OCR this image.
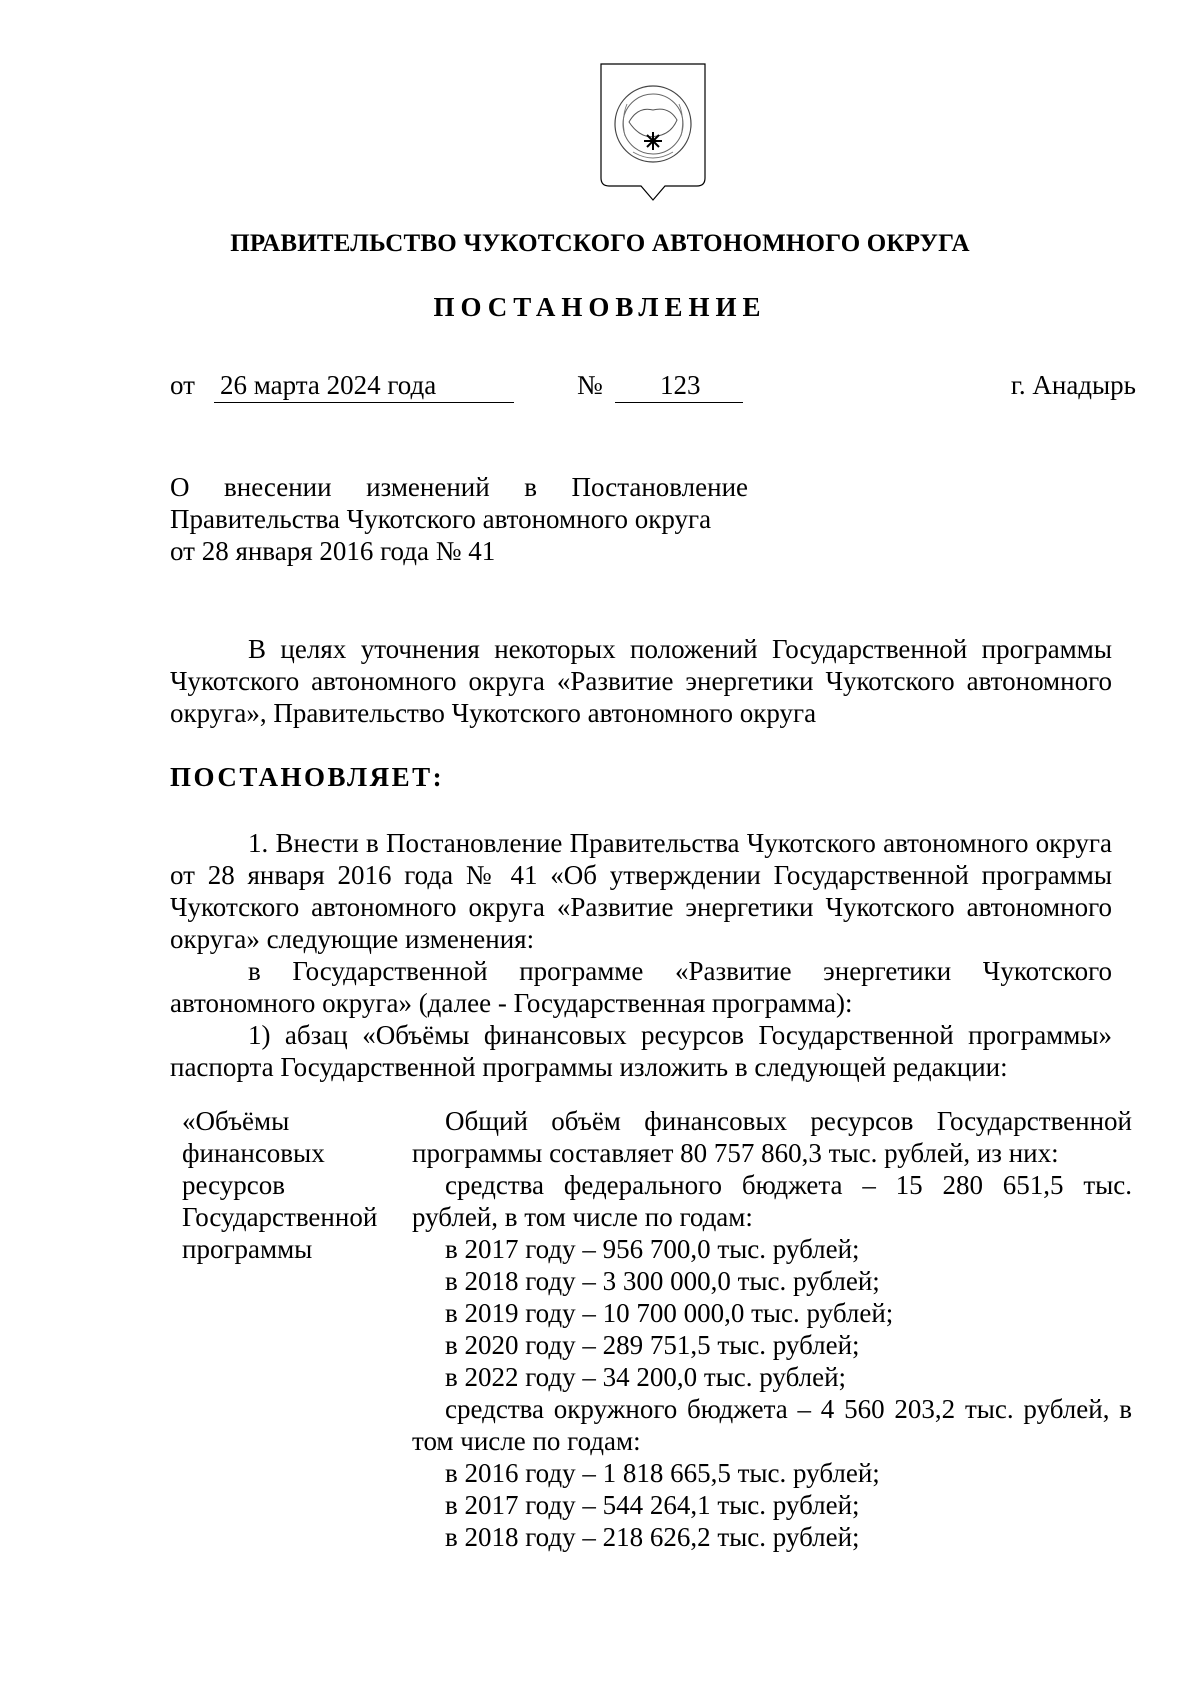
ПРАВИТЕЛЬСТВО ЧУКОТСКОГО АВТОНОМНОГО ОКРУГА
ПОСТАНОВЛЕНИЕ
от 26 марта 2024 года	№ 123	г. Анадырь

О внесении изменений в Постановление

Правительства Чукотского автономного округа

от 28 января 2016 года № 41

В целях уточнения некоторых положений Государственной программы Чукотского автономного округа «Развитие энергетики Чукотского автономного округа», Правительство Чукотского автономного округа
ПОСТАНОВЛЯЕТ:
1. Внести в Постановление Правительства Чукотского автономного округа от 28 января 2016 года № 41 «Об утверждении Государственной программы Чукотского автономного округа «Развитие энергетики Чукотского автономного округа» следующие изменения:
в Государственной программе «Развитие энергетики Чукотского автономного округа» (далее - Государственная программа):
1) абзац «Объёмы финансовых ресурсов Государственной программы» паспорта Государственной программы изложить в следующей редакции:

«Объёмы

финансовых

ресурсов

Государственной

программы

Общий объём финансовых ресурсов Государственной программы составляет 80 757 860,3 тыс. рублей, из них:

средства федерального бюджета – 15 280 651,5 тыс. рублей, в том числе по годам:

в 2017 году – 956 700,0 тыс. рублей;

в 2018 году – 3 300 000,0 тыс. рублей;

в 2019 году – 10 700 000,0 тыс. рублей;

в 2020 году – 289 751,5 тыс. рублей;

в 2022 году – 34 200,0 тыс. рублей;

средства окружного бюджета – 4 560 203,2 тыс. рублей, в том числе по годам:

в 2016 году – 1 818 665,5 тыс. рублей;

в 2017 году – 544 264,1 тыс. рублей;

в 2018 году – 218 626,2 тыс. рублей;
